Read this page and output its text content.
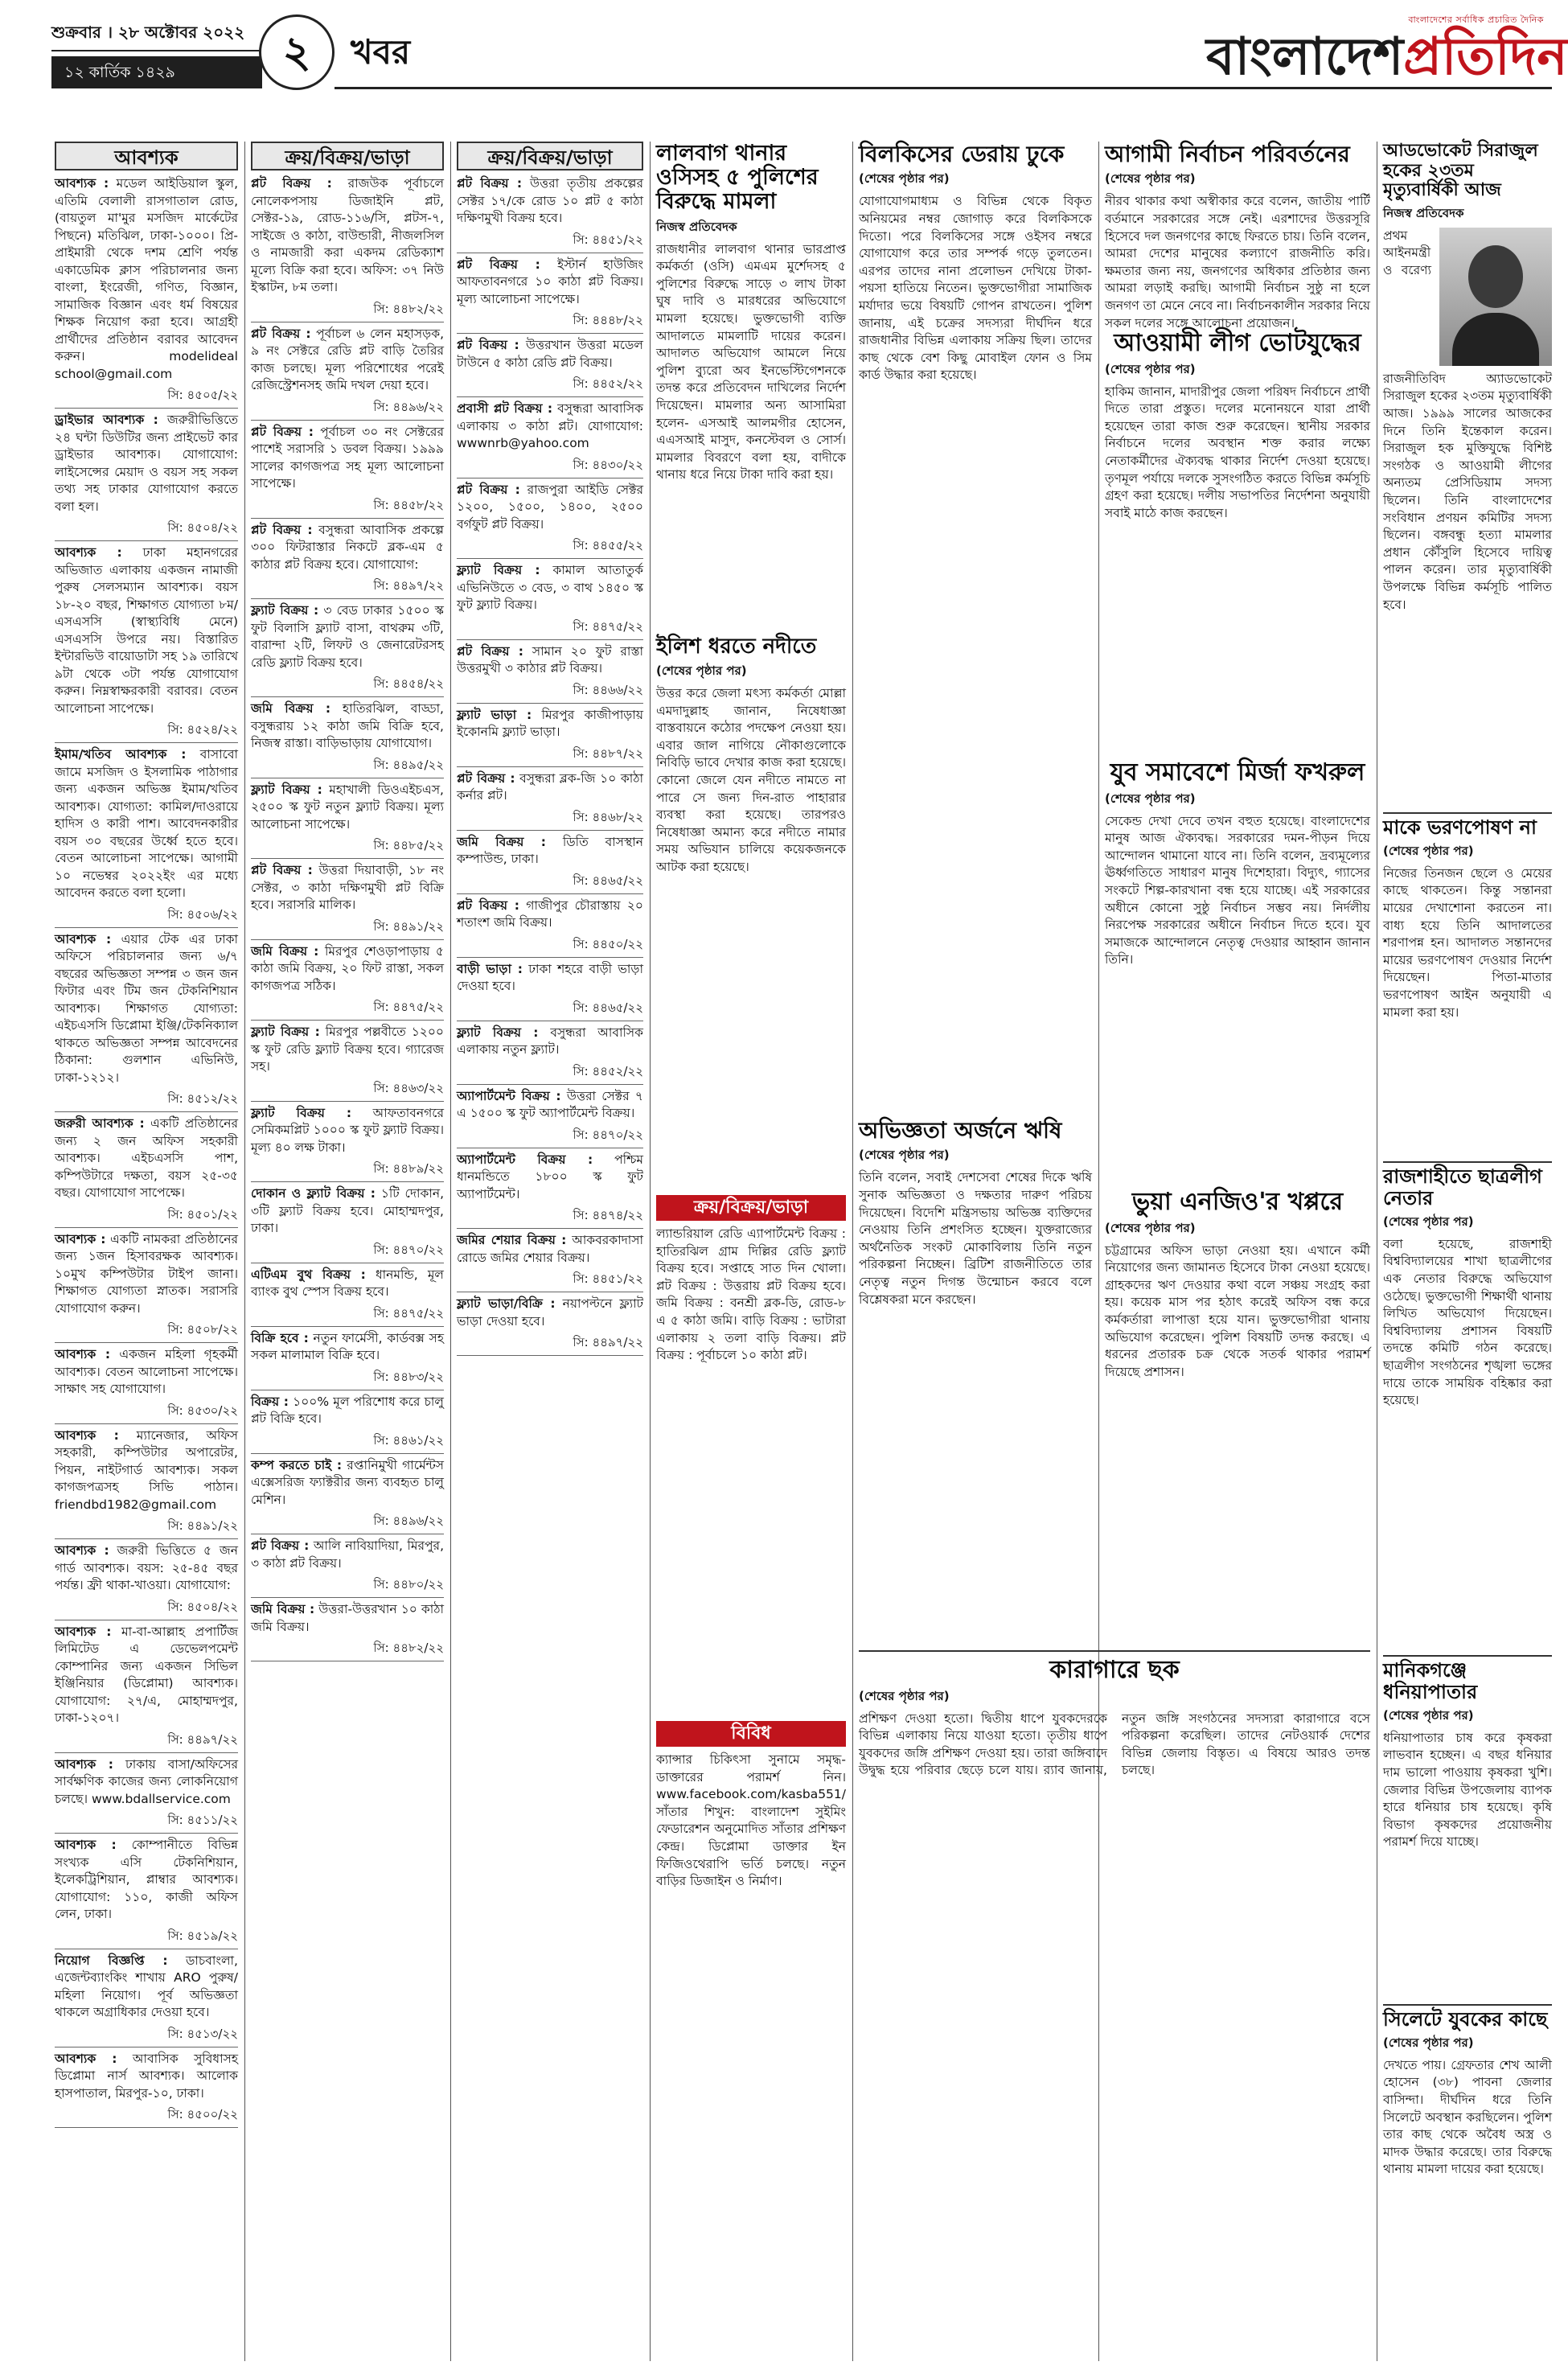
শুক্রবার । ২৮ অক্টোবর ২০২২
১২ কার্তিক ১৪২৯	২	খবর
বাংলাদেশের সর্বাধিক প্রচারিত দৈনিক
বাংলাদেশপ্রতিদিন
আবশ্যক

আবশ্যক : মডেল আইডিয়াল স্কুল, এতিমি বেলালী রাসগাতাল রোড, (বায়তুল মা'মুর মসজিদ মার্কেটের পিছনে) মতিঝিল, ঢাকা-১০০০। প্রি-প্রাইমারী থেকে দশম শ্রেণি পর্যন্ত একাডেমিক ক্লাস পরিচালনার জন্য বাংলা, ইংরেজী, গণিত, বিজ্ঞান, সামাজিক বিজ্ঞান এবং ধর্ম বিষয়ের শিক্ষক নিয়োগ করা হবে। আগ্রহী প্রার্থীদের প্রতিষ্ঠান বরাবর আবেদন করুন। modelideal school@gmail.com

সি: ৪৫০৫/২২

ড্রাইভার আবশ্যক : জরুরীভিত্তিতে ২৪ ঘন্টা ডিউটির জন্য প্রাইভেট কার ড্রাইভার আবশ্যক। যোগাযোগ: লাইসেন্সের মেয়াদ ও বয়স সহ সকল তথ্য সহ ঢাকার যোগাযোগ করতে বলা হল।

সি: ৪৫০৪/২২

আবশ্যক : ঢাকা মহানগরের অভিজাত এলাকায় একজন নামাজী পুরুষ সেলসম্যান আবশ্যক। বয়স ১৮-২০ বছর, শিক্ষাগত যোগ্যতা ৮ম/এসএসসি (স্বাস্থ্যবিধি মেনে) এসএসসি উপরে নয়। বিস্তারিত ইন্টারভিউ বায়োডাটা সহ ১৯ তারিখে ৯টা থেকে ৩টা পর্যন্ত যোগাযোগ করুন। নিম্নস্বাক্ষরকারী বরাবর। বেতন আলোচনা সাপেক্ষে।

সি: ৪৫২৪/২২

ইমাম/খতিব আবশ্যক : বাসাবো জামে মসজিদ ও ইসলামিক পাঠাগার জন্য একজন অভিজ্ঞ ইমাম/খতিব আবশ্যক। যোগ্যতা: কামিল/দাওরায়ে হাদিস ও কারী পাশ। আবেদনকারীর বয়স ৩০ বছরের উর্ধ্বে হতে হবে। বেতন আলোচনা সাপেক্ষে। আগামী ১০ নভেম্বর ২০২২ইং এর মধ্যে আবেদন করতে বলা হলো।

সি: ৪৫০৬/২২

আবশ্যক : এয়ার টেক এর ঢাকা অফিসে পরিচালনার জন্য ৬/৭ বছরের অভিজ্ঞতা সম্পন্ন ৩ জন জন ফিটার এবং টিম জন টেকনিশিয়ান আবশ্যক। শিক্ষাগত যোগ্যতা: এইচএসসি ডিপ্লোমা ইঞ্জি/টেকনিক্যাল থাকতে অভিজ্ঞতা সম্পন্ন আবেদনের ঠিকানা: গুলশান এভিনিউ, ঢাকা-১২১২।

সি: ৪৫১২/২২

জরুরী আবশ্যক : একটি প্রতিষ্ঠানের জন্য ২ জন অফিস সহকারী আবশ্যক। এইচএসসি পাশ, কম্পিউটারে দক্ষতা, বয়স ২৫-৩৫ বছর। যোগাযোগ সাপেক্ষে।

সি: ৪৫০১/২২

আবশ্যক : একটি নামকরা প্রতিষ্ঠানের জন্য ১জন হিসাবরক্ষক আবশ্যক। ১০মুখ কম্পিউটার টাইপ জানা। শিক্ষাগত যোগ্যতা স্নাতক। সরাসরি যোগাযোগ করুন।

সি: ৪৫০৮/২২

আবশ্যক : একজন মহিলা গৃহকর্মী আবশ্যক। বেতন আলোচনা সাপেক্ষে। সাক্ষাৎ সহ যোগাযোগ।

সি: ৪৫৩০/২২

আবশ্যক : ম্যানেজার, অফিস সহকারী, কম্পিউটার অপারেটর, পিয়ন, নাইটগার্ড আবশ্যক। সকল কাগজপত্রসহ সিভি পাঠান। friendbd1982@gmail.com

সি: ৪৪৯১/২২

আবশ্যক : জরুরী ভিত্তিতে ৫ জন গার্ড আবশ্যক। বয়স: ২৫-৪৫ বছর পর্যন্ত। ফ্রী থাকা-খাওয়া। যোগাযোগ:

সি: ৪৫০৪/২২

আবশ্যক : মা-বা-আল্লাহ প্রপার্টিজ লিমিটেড এ ডেভেলপমেন্ট কোম্পানির জন্য একজন সিভিল ইঞ্জিনিয়ার (ডিপ্লোমা) আবশ্যক। যোগাযোগ: ২৭/এ, মোহাম্মদপুর, ঢাকা-১২০৭।

সি: ৪৪৯৭/২২

আবশ্যক : ঢাকায় বাসা/অফিসের সার্বক্ষণিক কাজের জন্য লোকনিয়োগ চলছে। www.bdallservice.com

সি: ৪৫১১/২২

আবশ্যক : কোম্পানীতে বিভিন্ন সংখ্যক এসি টেকনিশিয়ান, ইলেকট্রিশিয়ান, প্লাম্বার আবশ্যক। যোগাযোগ: ১১০, কাজী অফিস লেন, ঢাকা।

সি: ৪৫১৯/২২

নিয়োগ বিজ্ঞপ্তি : ডাচবাংলা, এজেন্টব্যাংকিং শাখায় ARO পুরুষ/মহিলা নিয়োগ। পূর্ব অভিজ্ঞতা থাকলে অগ্রাধিকার দেওয়া হবে।

সি: ৪৫১৩/২২

আবশ্যক : আবাসিক সুবিধাসহ ডিপ্লোমা নার্স আবশ্যক। আলোক হাসপাতাল, মিরপুর-১০, ঢাকা।

সি: ৪৫০০/২২
ক্রয়/বিক্রয়/ভাড়া

প্লট বিক্রয় : রাজউক পূর্বাচলে নোলেকপসায় ডিজাইনি প্লট, সেক্টর-১৯, রোড-১১৬/সি, প্লটস-৭, সাইজে ও কাঠা, বাউন্ডারী, নীজলসিল ও নামজারী করা একদম রেডিক্যাশ মূল্যে বিক্রি করা হবে। অফিস: ৩৭ নিউ ইস্কাটন, ৮ম তলা।

সি: ৪৪৮২/২২

প্লট বিক্রয় : পূর্বাচল ৬ লেন মহাসড়ক, ৯ নং সেক্টরে রেডি প্লট বাড়ি তৈরির কাজ চলছে। মূল্য পরিশোধের পরেই রেজিস্ট্রেশনসহ জমি দখল দেয়া হবে।

সি: ৪৪৯৬/২২

প্লট বিক্রয় : পূর্বাচল ৩০ নং সেক্টরের পাশেই সরাসরি ১ ডবল বিক্রয়। ১৯৯৯ সালের কাগজপত্র সহ মূল্য আলোচনা সাপেক্ষে।

সি: ৪৪৫৮/২২

প্লট বিক্রয় : বসুন্ধরা আবাসিক প্রকল্পে ৩০০ ফিটরাস্তার নিকটে ব্লক-এম ৫ কাঠার প্লট বিক্রয় হবে। যোগাযোগ:

সি: ৪৪৯৭/২২

ফ্ল্যাট বিক্রয় : ৩ বেড ঢাকার ১৫০০ স্ক ফুট বিলাসি ফ্ল্যাট বাসা, বাথরুম ৩টি, বারান্দা ২টি, লিফট ও জেনারেটরসহ রেডি ফ্ল্যাট বিক্রয় হবে।

সি: ৪৪৫৪/২২

জমি বিক্রয় : হাতিরঝিল, বাড্ডা, বসুন্ধরায় ১২ কাঠা জমি বিক্রি হবে, নিজস্ব রাস্তা। বাড়িভাড়ায় যোগাযোগ।

সি: ৪৪৯৫/২২

ফ্ল্যাট বিক্রয় : মহাখালী ডিওএইচএস, ২৫০০ স্ক ফুট নতুন ফ্ল্যাট বিক্রয়। মূল্য আলোচনা সাপেক্ষে।

সি: ৪৪৮৫/২২

প্লট বিক্রয় : উত্তরা দিয়াবাড়ী, ১৮ নং সেক্টর, ৩ কাঠা দক্ষিণমুখী প্লট বিক্রি হবে। সরাসরি মালিক।

সি: ৪৪৯১/২২

জমি বিক্রয় : মিরপুর শেওড়াপাড়ায় ৫ কাঠা জমি বিক্রয়, ২০ ফিট রাস্তা, সকল কাগজপত্র সঠিক।

সি: ৪৪৭৫/২২

ফ্ল্যাট বিক্রয় : মিরপুর পল্লবীতে ১২০০ স্ক ফুট রেডি ফ্ল্যাট বিক্রয় হবে। গ্যারেজ সহ।

সি: ৪৪৬৩/২২

ফ্ল্যাট বিক্রয় : আফতাবনগরে সেমিকমপ্লিট ১০০০ স্ক ফুট ফ্ল্যাট বিক্রয়। মূল্য ৪০ লক্ষ টাকা।

সি: ৪৪৮৯/২২

দোকান ও ফ্ল্যাট বিক্রয় : ১টি দোকান, ৩টি ফ্ল্যাট বিক্রয় হবে। মোহাম্মদপুর, ঢাকা।

সি: ৪৪৭০/২২

এটিএম বুথ বিক্রয় : ধানমন্ডি, মূল ব্যাংক বুথ স্পেস বিক্রয় হবে।

সি: ৪৪৭৫/২২

বিক্রি হবে : নতুন ফার্মেসী, কার্ডবক্স সহ সকল মালামাল বিক্রি হবে।

সি: ৪৪৮৩/২২

বিক্রয় : ১০০% মূল পরিশোধ করে চালু প্লট বিক্রি হবে।

সি: ৪৪৬১/২২

কম্প করতে চাই : রপ্তানিমুখী গার্মেন্টস এক্সেসরিজ ফ্যাক্টরীর জন্য ব্যবহৃত চালু মেশিন।

সি: ৪৪৯৬/২২

প্লট বিক্রয় : আলি নাবিয়াদিয়া, মিরপুর, ৩ কাঠা প্লট বিক্রয়।

সি: ৪৪৮০/২২

জমি বিক্রয় : উত্তরা-উত্তরখান ১০ কাঠা জমি বিক্রয়।

সি: ৪৪৮২/২২
ক্রয়/বিক্রয়/ভাড়া

প্লট বিক্রয় : উত্তরা তৃতীয় প্রকল্পের সেক্টর ১৭/কে রোড ১০ প্লট ৫ কাঠা দক্ষিণমুখী বিক্রয় হবে।

সি: ৪৪৫১/২২

প্লট বিক্রয় : ইস্টার্ন হাউজিং আফতাবনগরে ১০ কাঠা প্লট বিক্রয়। মূল্য আলোচনা সাপেক্ষে।

সি: ৪৪৪৮/২২

প্লট বিক্রয় : উত্তরখান উত্তরা মডেল টাউনে ৫ কাঠা রেডি প্লট বিক্রয়।

সি: ৪৪৫২/২২

প্রবাসী প্লট বিক্রয় : বসুন্ধরা আবাসিক এলাকায় ৩ কাঠা প্লট। যোগাযোগ: wwwnrb@yahoo.com

সি: ৪৪৩০/২২

প্লট বিক্রয় : রাজপুরা আইডি সেক্টর ১২০০, ১৫০০, ১৪০০, ২৫০০ বর্গফুট প্লট বিক্রয়।

সি: ৪৪৫৫/২২

ফ্ল্যাট বিক্রয় : কামাল আতাতুর্ক এভিনিউতে ৩ বেড, ৩ বাথ ১৪৫০ স্ক ফুট ফ্ল্যাট বিক্রয়।

সি: ৪৪৭৫/২২

প্লট বিক্রয় : সামান ২০ ফুট রাস্তা উত্তরমুখী ৩ কাঠার প্লট বিক্রয়।

সি: ৪৪৬৬/২২

ফ্ল্যাট ভাড়া : মিরপুর কাজীপাড়ায় ইকোনমি ফ্ল্যাট ভাড়া।

সি: ৪৪৮৭/২২

প্লট বিক্রয় : বসুন্ধরা ব্লক-জি ১০ কাঠা কর্নার প্লট।

সি: ৪৪৬৮/২২

জমি বিক্রয় : ডিতি বাসস্থান কম্পাউন্ড, ঢাকা।

সি: ৪৪৬৫/২২

প্লট বিক্রয় : গাজীপুর চৌরাস্তায় ২০ শতাংশ জমি বিক্রয়।

সি: ৪৪৫০/২২

বাড়ী ভাড়া : ঢাকা শহরে বাড়ী ভাড়া দেওয়া হবে।

সি: ৪৪৬৫/২২

ফ্ল্যাট বিক্রয় : বসুন্ধরা আবাসিক এলাকায় নতুন ফ্ল্যাট।

সি: ৪৪৫২/২২

অ্যাপার্টমেন্ট বিক্রয় : উত্তরা সেক্টর ৭ এ ১৫০০ স্ক ফুট অ্যাপার্টমেন্ট বিক্রয়।

সি: ৪৪৭০/২২

অ্যাপার্টমেন্ট বিক্রয় : পশ্চিম ধানমন্ডিতে ১৮০০ স্ক ফুট অ্যাপার্টমেন্ট।

সি: ৪৪৭৪/২২

জমির শেয়ার বিক্রয় : আকবরকাদাসা রোডে জমির শেয়ার বিক্রয়।

সি: ৪৪৫১/২২

ফ্ল্যাট ভাড়া/বিক্রি : নয়াপল্টনে ফ্ল্যাট ভাড়া দেওয়া হবে।

সি: ৪৪৯৭/২২
লালবাগ থানার ওসিসহ ৫ পুলিশের বিরুদ্ধে মামলা
নিজস্ব প্রতিবেদক

রাজধানীর লালবাগ থানার ভারপ্রাপ্ত কর্মকর্তা (ওসি) এমএম মুর্শেদসহ ৫ পুলিশের বিরুদ্ধে সাড়ে ৩ লাখ টাকা ঘুষ দাবি ও মারধরের অভিযোগে মামলা হয়েছে। ভুক্তভোগী ব্যক্তি আদালতে মামলাটি দায়ের করেন। আদালত অভিযোগ আমলে নিয়ে পুলিশ ব্যুরো অব ইনভেস্টিগেশনকে তদন্ত করে প্রতিবেদন দাখিলের নির্দেশ দিয়েছেন। মামলার অন্য আসামিরা হলেন- এসআই আলমগীর হোসেন, এএসআই মাসুদ, কনস্টেবল ও সোর্স। মামলার বিবরণে বলা হয়, বাদীকে থানায় ধরে নিয়ে টাকা দাবি করা হয়।

ইলিশ ধরতে নদীতে
(শেষের পৃষ্ঠার পর)

উত্তর করে জেলা মৎস্য কর্মকর্তা মোল্লা এমদাদুল্লাহ জানান, নিষেধাজ্ঞা বাস্তবায়নে কঠোর পদক্ষেপ নেওয়া হয়। এবার জাল নাগিয়ে নৌকাগুলোকে নিবিড়ি ভাবে দেখার কাজ করা হয়েছে। কোনো জেলে যেন নদীতে নামতে না পারে সে জন্য দিন-রাত পাহারার ব্যবস্থা করা হয়েছে। তারপরও নিষেধাজ্ঞা অমান্য করে নদীতে নামার সময় অভিযান চালিয়ে কয়েকজনকে আটক করা হয়েছে।

ক্রয়/বিক্রয়/ভাড়া

ল্যান্ডরিয়াল রেডি এ্যাপার্টমেন্ট বিক্রয় : হাতিরঝিল গ্রাম দিল্লির রেডি ফ্ল্যাট বিক্রয় হবে। সপ্তাহে সাত দিন খোলা। প্লট বিক্রয় : উত্তরায় প্লট বিক্রয় হবে। জমি বিক্রয় : বনশ্রী ব্লক-ডি, রোড-৮ এ ৫ কাঠা জমি। বাড়ি বিক্রয় : ভাটারা এলাকায় ২ তলা বাড়ি বিক্রয়। প্লট বিক্রয় : পূর্বাচলে ১০ কাঠা প্লট।

বিবিধ

ক্যান্সার চিকিৎসা সুনামে সমৃদ্ধ-ডাক্তারের পরামর্শ নিন। www.facebook.com/kasba551/ সাঁতার শিখুন: বাংলাদেশ সুইমিং ফেডারেশন অনুমোদিত সাঁতার প্রশিক্ষণ কেন্দ্র। ডিপ্লোমা ডাক্তার ইন ফিজিওথেরাপি ভর্তি চলছে। নতুন বাড়ির ডিজাইন ও নির্মাণ।

বিলকিসের ডেরায় ঢুকে
(শেষের পৃষ্ঠার পর)

যোগাযোগমাধ্যম ও বিভিন্ন থেকে বিকৃত অনিয়মের নম্বর জোগাড় করে বিলকিসকে দিতো। পরে বিলকিসের সঙ্গে ওইসব নম্বরে যোগাযোগ করে তার সম্পর্ক গড়ে তুলতেন। এরপর তাদের নানা প্রলোভন দেখিয়ে টাকা-পয়সা হাতিয়ে নিতেন। ভুক্তভোগীরা সামাজিক মর্যাদার ভয়ে বিষয়টি গোপন রাখতেন। পুলিশ জানায়, এই চক্রের সদস্যরা দীর্ঘদিন ধরে রাজধানীর বিভিন্ন এলাকায় সক্রিয় ছিল। তাদের কাছ থেকে বেশ কিছু মোবাইল ফোন ও সিম কার্ড উদ্ধার করা হয়েছে।

অভিজ্ঞতা অর্জনে ঋষি
(শেষের পৃষ্ঠার পর)

তিনি বলেন, সবাই দেশসেবা শেষের দিকে ঋষি সুনাক অভিজ্ঞতা ও দক্ষতার দারুণ পরিচয় দিয়েছেন। বিদেশি মন্ত্রিসভায় অভিজ্ঞ ব্যক্তিদের নেওয়ায় তিনি প্রশংসিত হচ্ছেন। যুক্তরাজ্যের অর্থনৈতিক সংকট মোকাবিলায় তিনি নতুন পরিকল্পনা নিচ্ছেন। ব্রিটিশ রাজনীতিতে তার নেতৃত্ব নতুন দিগন্ত উন্মোচন করবে বলে বিশ্লেষকরা মনে করছেন।

আগামী নির্বাচন পরিবর্তনের
(শেষের পৃষ্ঠার পর)

নীরব থাকার কথা অস্বীকার করে বলেন, জাতীয় পার্টি বর্তমানে সরকারের সঙ্গে নেই। এরশাদের উত্তরসূরি হিসেবে দল জনগণের কাছে ফিরতে চায়। তিনি বলেন, আমরা দেশের মানুষের কল্যাণে রাজনীতি করি। ক্ষমতার জন্য নয়, জনগণের অধিকার প্রতিষ্ঠার জন্য আমরা লড়াই করছি। আগামী নির্বাচন সুষ্ঠু না হলে জনগণ তা মেনে নেবে না। নির্বাচনকালীন সরকার নিয়ে সকল দলের সঙ্গে আলোচনা প্রয়োজন।

আওয়ামী লীগ ভোটযুদ্ধের
(শেষের পৃষ্ঠার পর)

হাকিম জানান, মাদারীপুর জেলা পরিষদ নির্বাচনে প্রার্থী দিতে তারা প্রস্তুত। দলের মনোনয়নে যারা প্রার্থী হয়েছেন তারা কাজ শুরু করেছেন। স্থানীয় সরকার নির্বাচনে দলের অবস্থান শক্ত করার লক্ষ্যে নেতাকর্মীদের ঐক্যবদ্ধ থাকার নির্দেশ দেওয়া হয়েছে। তৃণমূল পর্যায়ে দলকে সুসংগঠিত করতে বিভিন্ন কর্মসূচি গ্রহণ করা হয়েছে। দলীয় সভাপতির নির্দেশনা অনুযায়ী সবাই মাঠে কাজ করছেন।

যুব সমাবেশে মির্জা ফখরুল
(শেষের পৃষ্ঠার পর)

সেকেন্ড দেখা দেবে তখন বহুত হয়েছে। বাংলাদেশের মানুষ আজ ঐক্যবদ্ধ। সরকারের দমন-পীড়ন দিয়ে আন্দোলন থামানো যাবে না। তিনি বলেন, দ্রব্যমূল্যের ঊর্ধ্বগতিতে সাধারণ মানুষ দিশেহারা। বিদ্যুৎ, গ্যাসের সংকটে শিল্প-কারখানা বন্ধ হয়ে যাচ্ছে। এই সরকারের অধীনে কোনো সুষ্ঠু নির্বাচন সম্ভব নয়। নির্দলীয় নিরপেক্ষ সরকারের অধীনে নির্বাচন দিতে হবে। যুব সমাজকে আন্দোলনে নেতৃত্ব দেওয়ার আহ্বান জানান তিনি।

ভুয়া এনজিও'র খপ্পরে
(শেষের পৃষ্ঠার পর)

চট্টগ্রামের অফিস ভাড়া নেওয়া হয়। এখানে কর্মী নিয়োগের জন্য জামানত হিসেবে টাকা নেওয়া হয়েছে। গ্রাহকদের ঋণ দেওয়ার কথা বলে সঞ্চয় সংগ্রহ করা হয়। কয়েক মাস পর হঠাৎ করেই অফিস বন্ধ করে কর্মকর্তারা লাপাত্তা হয়ে যান। ভুক্তভোগীরা থানায় অভিযোগ করেছেন। পুলিশ বিষয়টি তদন্ত করছে। এ ধরনের প্রতারক চক্র থেকে সতর্ক থাকার পরামর্শ দিয়েছে প্রশাসন।

কারাগারে ছক
(শেষের পৃষ্ঠার পর)

প্রশিক্ষণ দেওয়া হতো। দ্বিতীয় ধাপে যুবকদেরকে বিভিন্ন এলাকায় নিয়ে যাওয়া হতো। তৃতীয় ধাপে যুবকদের জঙ্গি প্রশিক্ষণ দেওয়া হয়। তারা জঙ্গিবাদে উদ্বুদ্ধ হয়ে পরিবার ছেড়ে চলে যায়। র‍্যাব জানায়, নতুন জঙ্গি সংগঠনের সদস্যরা কারাগারে বসে পরিকল্পনা করেছিল। তাদের নেটওয়ার্ক দেশের বিভিন্ন জেলায় বিস্তৃত। এ বিষয়ে আরও তদন্ত চলছে।

আডভোকেট সিরাজুল হকের ২৩তম মৃত্যুবার্ষিকী আজ
নিজস্ব প্রতিবেদক

প্রথম আইনমন্ত্রী ও বরেণ্য রাজনীতিবিদ অ্যাডভোকেট সিরাজুল হকের ২৩তম মৃত্যুবার্ষিকী আজ। ১৯৯৯ সালের আজকের দিনে তিনি ইন্তেকাল করেন। সিরাজুল হক মুক্তিযুদ্ধে বিশিষ্ট সংগঠক ও আওয়ামী লীগের অন্যতম প্রেসিডিয়াম সদস্য ছিলেন। তিনি বাংলাদেশের সংবিধান প্রণয়ন কমিটির সদস্য ছিলেন। বঙ্গবন্ধু হত্যা মামলার প্রধান কৌঁসুলি হিসেবে দায়িত্ব পালন করেন। তার মৃত্যুবার্ষিকী উপলক্ষে বিভিন্ন কর্মসূচি পালিত হবে।

মাকে ভরণপোষণ না
(শেষের পৃষ্ঠার পর)

নিজের তিনজন ছেলে ও মেয়ের কাছে থাকতেন। কিন্তু সন্তানরা মায়ের দেখাশোনা করতেন না। বাধ্য হয়ে তিনি আদালতের শরণাপন্ন হন। আদালত সন্তানদের মায়ের ভরণপোষণ দেওয়ার নির্দেশ দিয়েছেন। পিতা-মাতার ভরণপোষণ আইন অনুযায়ী এ মামলা করা হয়।

রাজশাহীতে ছাত্রলীগ নেতার
(শেষের পৃষ্ঠার পর)

বলা হয়েছে, রাজশাহী বিশ্ববিদ্যালয়ের শাখা ছাত্রলীগের এক নেতার বিরুদ্ধে অভিযোগ ওঠেছে। ভুক্তভোগী শিক্ষার্থী থানায় লিখিত অভিযোগ দিয়েছেন। বিশ্ববিদ্যালয় প্রশাসন বিষয়টি তদন্তে কমিটি গঠন করেছে। ছাত্রলীগ সংগঠনের শৃঙ্খলা ভঙ্গের দায়ে তাকে সাময়িক বহিষ্কার করা হয়েছে।

মানিকগঞ্জে ধনিয়াপাতার
(শেষের পৃষ্ঠার পর)

ধনিয়াপাতার চাষ করে কৃষকরা লাভবান হচ্ছেন। এ বছর ধনিয়ার দাম ভালো পাওয়ায় কৃষকরা খুশি। জেলার বিভিন্ন উপজেলায় ব্যাপক হারে ধনিয়ার চাষ হয়েছে। কৃষি বিভাগ কৃষকদের প্রয়োজনীয় পরামর্শ দিয়ে যাচ্ছে।

সিলেটে যুবকের কাছে
(শেষের পৃষ্ঠার পর)

দেখতে পায়। গ্রেফতার শেখ আলী হোসেন (৩৮) পাবনা জেলার বাসিন্দা। দীর্ঘদিন ধরে তিনি সিলেটে অবস্থান করছিলেন। পুলিশ তার কাছ থেকে অবৈধ অস্ত্র ও মাদক উদ্ধার করেছে। তার বিরুদ্ধে থানায় মামলা দায়ের করা হয়েছে।
